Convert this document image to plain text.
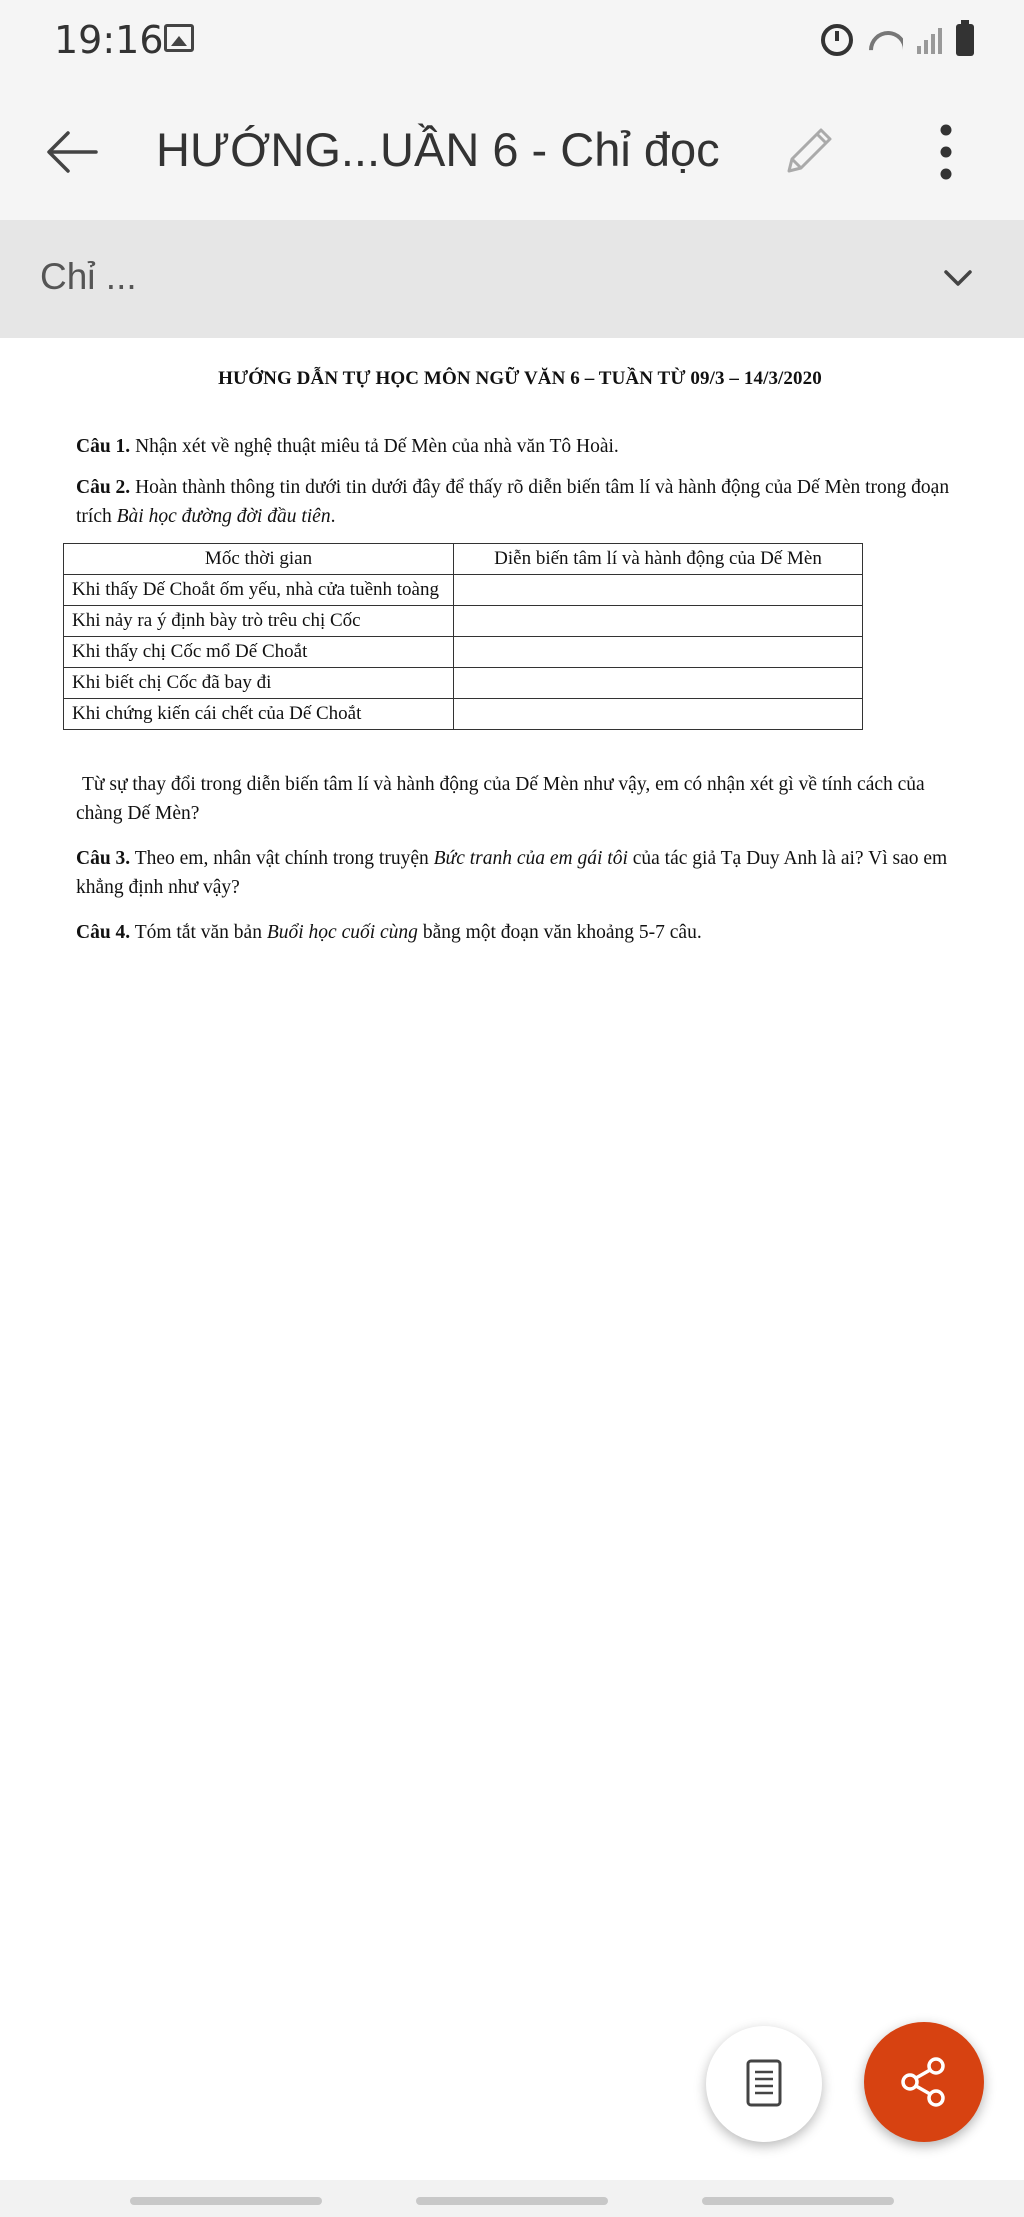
19:16
HƯỚNG...UẦN 6 - Chỉ đọc
Chỉ ...
HƯỚNG DẪN TỰ HỌC MÔN NGỮ VĂN 6 – TUẦN TỪ 09/3 – 14/3/2020

Câu 1. Nhận xét về nghệ thuật miêu tả Dế Mèn của nhà văn Tô Hoài.

Câu 2. Hoàn thành thông tin dưới tin dưới đây để thấy rõ diễn biến tâm lí và hành động của Dế Mèn trong đoạn trích Bài học đường đời đầu tiên.

Mốc thời gian	Diễn biến tâm lí và hành động của Dế Mèn
Khi thấy Dế Choắt ốm yếu, nhà cửa tuềnh toàng	
Khi nảy ra ý định bày trò trêu chị Cốc	
Khi thấy chị Cốc mổ Dế Choắt	
Khi biết chị Cốc đã bay đi	
Khi chứng kiến cái chết của Dế Choắt	

Từ sự thay đổi trong diễn biến tâm lí và hành động của Dế Mèn như vậy, em có nhận xét gì về tính cách của chàng Dế Mèn?

Câu 3. Theo em, nhân vật chính trong truyện Bức tranh của em gái tôi của tác giả Tạ Duy Anh là ai? Vì sao em khẳng định như vậy?

Câu 4. Tóm tắt văn bản Buổi học cuối cùng bằng một đoạn văn khoảng 5-7 câu.
